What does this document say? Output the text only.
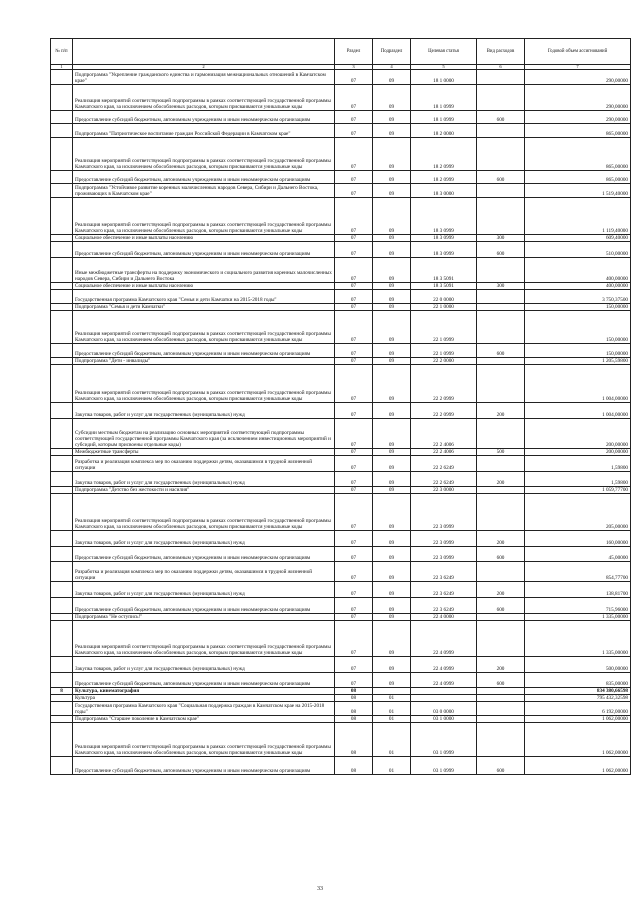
№ п/п		Раздел	Подраздел	Целевая статья	Вид расходов	Годовой объем ассигнований
1	2	3	4	5	6	7
	Подпрограмма "Укрепление гражданского единства и гармонизация межнациональных отношений в Камчатском крае"	07	09	18 1 0000		290,00000
	Реализация мероприятий соответствующей подпрограммы в рамках соответствующей государственной программы Камчатского края, за исключением обособленных расходов, которым присваиваются уникальные коды	07	09	18 1 0999		290,00000
	Предоставление субсидий бюджетным, автономным учреждениям и иным некоммерческим организациям	07	09	18 1 0999	600	290,00000
	Подпрограмма "Патриотическое воспитание граждан Российской Федерации в Камчатском крае"	07	09	18 2 0000		865,00000
	Реализация мероприятий соответствующей подпрограммы в рамках соответствующей государственной программы Камчатского края, за исключением обособленных расходов, которым присваиваются уникальные коды	07	09	18 2 0999		865,00000
	Предоставление субсидий бюджетным, автономным учреждениям и иным некоммерческим организациям	07	09	18 2 0999	600	865,00000
	Подпрограмма "Устойчивое развитие коренных малочисленных народов Севера, Сибири и Дальнего Востока, проживающих в Камчатском крае"	07	09	18 3 0000		1 519,40000
	Реализация мероприятий соответствующей подпрограммы в рамках соответствующей государственной программы Камчатского края, за исключением обособленных расходов, которым присваиваются уникальные коды	07	09	18 3 0999		1 119,40000
	Социальное обеспечение и иные выплаты населению	07	09	18 3 0999	300	609,40000
	Предоставление субсидий бюджетным, автономным учреждениям и иным некоммерческим организациям	07	09	18 3 0999	600	510,00000
	Иные межбюджетные трансферты на поддержку экономического и социального развития коренных малочисленных народов Севера, Сибири и Дальнего Востока	07	09	18 3 5091		400,00000
	Социальное обеспечение и иные выплаты населению	07	09	18 3 5091	300	400,00000
	Государственная программа Камчатского края "Семья и дети Камчатки на 2015-2018 годы"	07	09	22 0 0000		3 750,37500
	Подпрограмма "Семья и дети Камчатки"	07	09	22 1 0000		150,00000
	Реализация мероприятий соответствующей подпрограммы в рамках соответствующей государственной программы Камчатского края, за исключением обособленных расходов, которым присваиваются уникальные коды	07	09	22 1 0999		150,00000
	Предоставление субсидий бюджетным, автономным учреждениям и иным некоммерческим организациям	07	09	22 1 0999	600	150,00000
	Подпрограмма "Дети - инвалиды"	07	09	22 2 0000		1 205,59800
	Реализация мероприятий соответствующей подпрограммы в рамках соответствующей государственной программы Камчатского края, за исключением обособленных расходов, которым присваиваются уникальные коды	07	09	22 2 0999		1 004,00000
	Закупка товаров, работ и услуг для государственных (муниципальных) нужд	07	09	22 2 0999	200	1 004,00000
	Субсидии местным бюджетам на реализацию основных мероприятий соответствующей подпрограммы соответствующей государственной программы Камчатского края (за исключением инвестиционных мероприятий и субсидий, которым присвоены отдельные коды)	07	09	22 2 4006		200,00000
	Межбюджетные трансферты	07	09	22 2 4006	500	200,00000
	Разработка и реализация комплекса мер по оказанию поддержки детям, оказавшимся в трудной жизненной ситуации	07	09	22 2 6249		1,59800
	Закупка товаров, работ и услуг для государственных (муниципальных) нужд	07	09	22 2 6249	200	1,59800
	Подпрограмма "Детство без жестокости и насилия"	07	09	22 3 0000		1 059,77700
	Реализация мероприятий соответствующей подпрограммы в рамках соответствующей государственной программы Камчатского края, за исключением обособленных расходов, которым присваиваются уникальные коды	07	09	22 3 0999		205,00000
	Закупка товаров, работ и услуг для государственных (муниципальных) нужд	07	09	22 3 0999	200	160,00000
	Предоставление субсидий бюджетным, автономным учреждениям и иным некоммерческим организациям	07	09	22 3 0999	600	45,00000
	Разработка и реализация комплекса мер по оказанию поддержки детям, оказавшимся в трудной жизненной ситуации	07	09	22 3 6249		854,77700
	Закупка товаров, работ и услуг для государственных (муниципальных) нужд	07	09	22 3 6249	200	138,81700
	Предоставление субсидий бюджетным, автономным учреждениям и иным некоммерческим организациям	07	09	22 3 6249	600	715,96000
	Подпрограмма "Не оступись!"	07	09	22 4 0000		1 335,00000
	Реализация мероприятий соответствующей подпрограммы в рамках соответствующей государственной программы Камчатского края, за исключением обособленных расходов, которым присваиваются уникальные коды	07	09	22 4 0999		1 335,00000
	Закупка товаров, работ и услуг для государственных (муниципальных) нужд	07	09	22 4 0999	200	500,00000
	Предоставление субсидий бюджетным, автономным учреждениям и иным некоммерческим организациям	07	09	22 4 0999	600	835,00000
8	Культура, кинематография	08				834 380,66598
	Культура	08	01			795 432,32598
	Государственная программа Камчатского края "Социальная поддержка граждан в Камчатском крае на 2015-2018 годы"	08	01	03 0 0000		6 192,00000
	Подпрограмма "Старшее поколение в Камчатском крае"	08	01	03 1 0000		1 062,00000
	Реализация мероприятий соответствующей подпрограммы в рамках соответствующей государственной программы Камчатского края, за исключением обособленных расходов, которым присваиваются уникальные коды	08	01	03 1 0999		1 062,00000
	Предоставление субсидий бюджетным, автономным учреждениям и иным некоммерческим организациям	08	01	03 1 0999	600	1 062,00000
33
